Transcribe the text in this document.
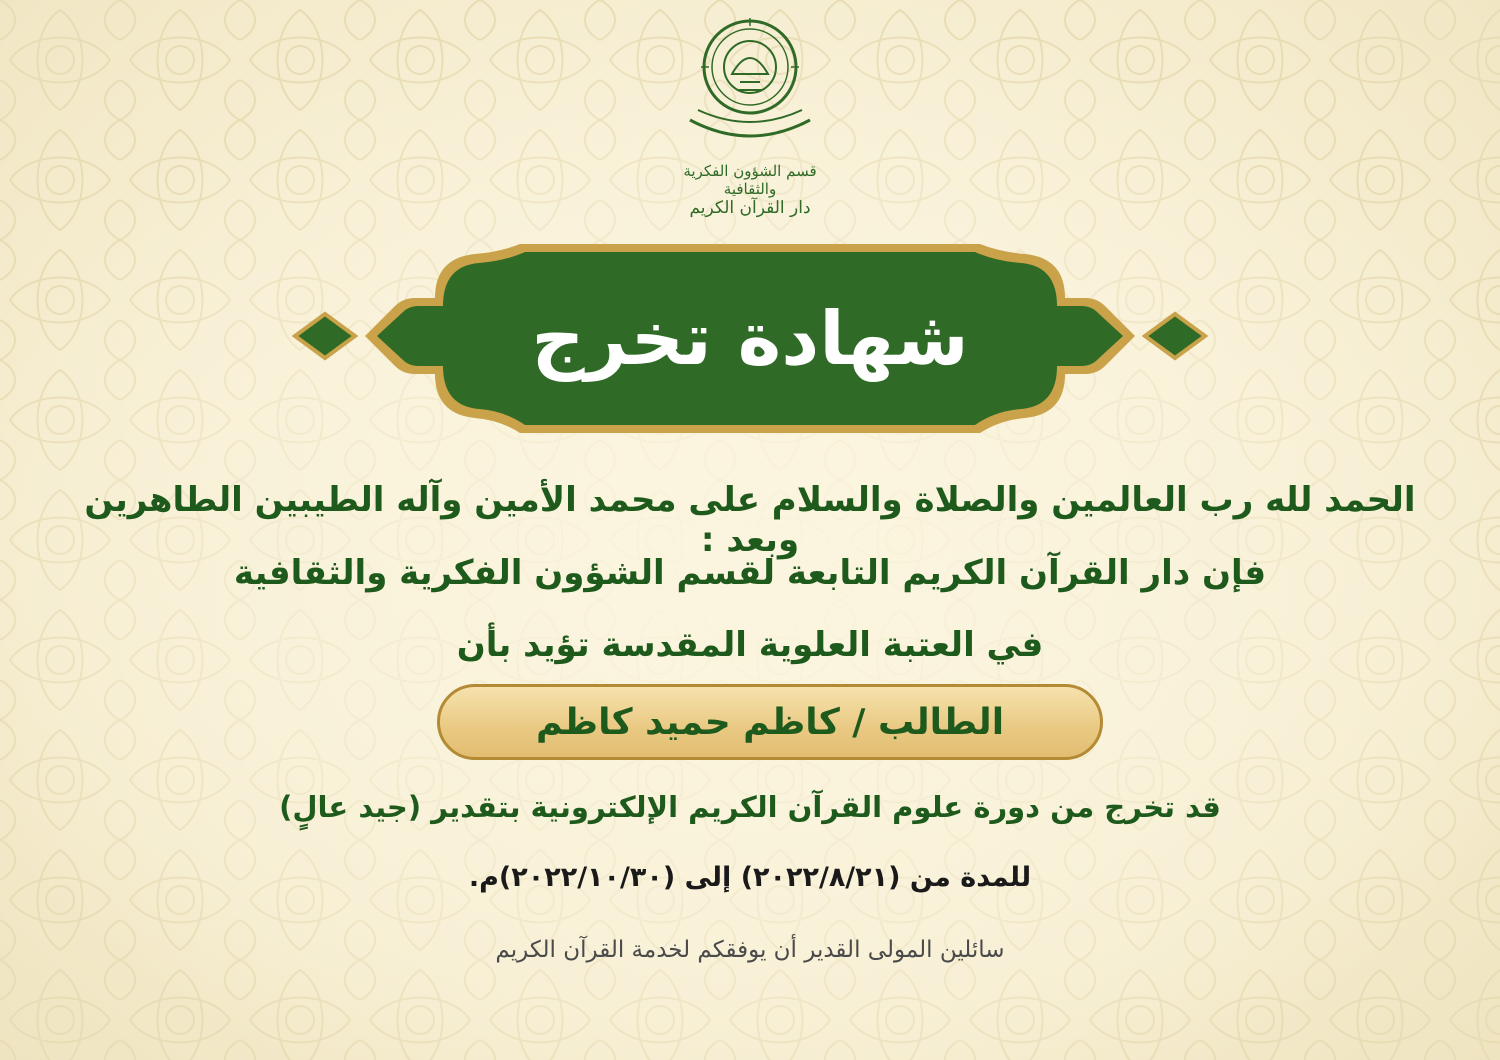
قسم الشؤون الفكرية والثقافية
دار القرآن الكريم
شهادة تخرج
الحمد لله رب العالمين والصلاة والسلام على محمد الأمين وآله الطيبين الطاهرين وبعد :
فإن دار القرآن الكريم التابعة لقسم الشؤون الفكرية والثقافية
في العتبة العلوية المقدسة تؤيد بأن
الطالب / كاظم حميد كاظم
قد تخرج من دورة علوم القرآن الكريم الإلكترونية بتقدير (جيد عالٍ)
للمدة من (٢٠٢٢/٨/٢١) إلى (٢٠٢٢/١٠/٣٠)م.
سائلين المولى القدير أن يوفقكم لخدمة القرآن الكريم
